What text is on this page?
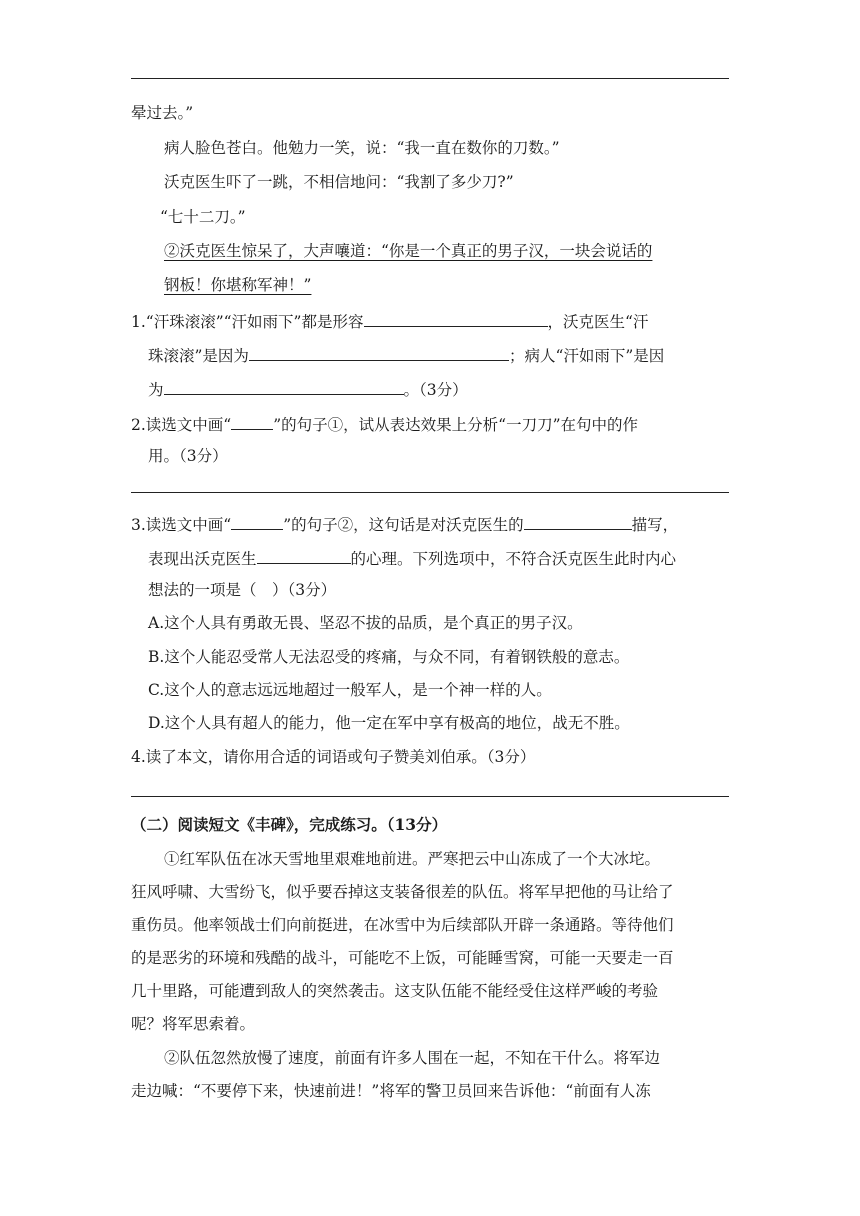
晕过去。”
病人脸色苍白。他勉力一笑，说：“我一直在数你的刀数。”
沃克医生吓了一跳，不相信地问：“我割了多少刀?”
“七十二刀。”
②沃克医生惊呆了，大声嚷道：“你是一个真正的男子汉，一块会说话的
钢板！你堪称军神！”
1.“汗珠滚滚”“汗如雨下”都是形容	，沃克医生“汗
珠滚滚”是因为	；病人“汗如雨下”是因
为	。（3分）
2.读选文中画“	”的句子①，试从表达效果上分析“一刀刀”在句中的作
用。（3分）
3.读选文中画“	”的句子②，这句话是对沃克医生的	描写，
表现出沃克医生	的心理。下列选项中，不符合沃克医生此时内心
想法的一项是（　）（3分）
A.这个人具有勇敢无畏、坚忍不拔的品质，是个真正的男子汉。
B.这个人能忍受常人无法忍受的疼痛，与众不同，有着钢铁般的意志。
C.这个人的意志远远地超过一般军人，是一个神一样的人。
D.这个人具有超人的能力，他一定在军中享有极高的地位，战无不胜。
4.读了本文，请你用合适的词语或句子赞美刘伯承。（3分）
（二）阅读短文《丰碑》，完成练习。（13分）
①红军队伍在冰天雪地里艰难地前进。严寒把云中山冻成了一个大冰坨。
狂风呼啸、大雪纷飞，似乎要吞掉这支装备很差的队伍。将军早把他的马让给了
重伤员。他率领战士们向前挺进，在冰雪中为后续部队开辟一条通路。等待他们
的是恶劣的环境和残酷的战斗，可能吃不上饭，可能睡雪窝，可能一天要走一百
几十里路，可能遭到敌人的突然袭击。这支队伍能不能经受住这样严峻的考验
呢？将军思索着。
②队伍忽然放慢了速度，前面有许多人围在一起，不知在干什么。将军边
走边喊：“不要停下来，快速前进！”将军的警卫员回来告诉他：“前面有人冻
